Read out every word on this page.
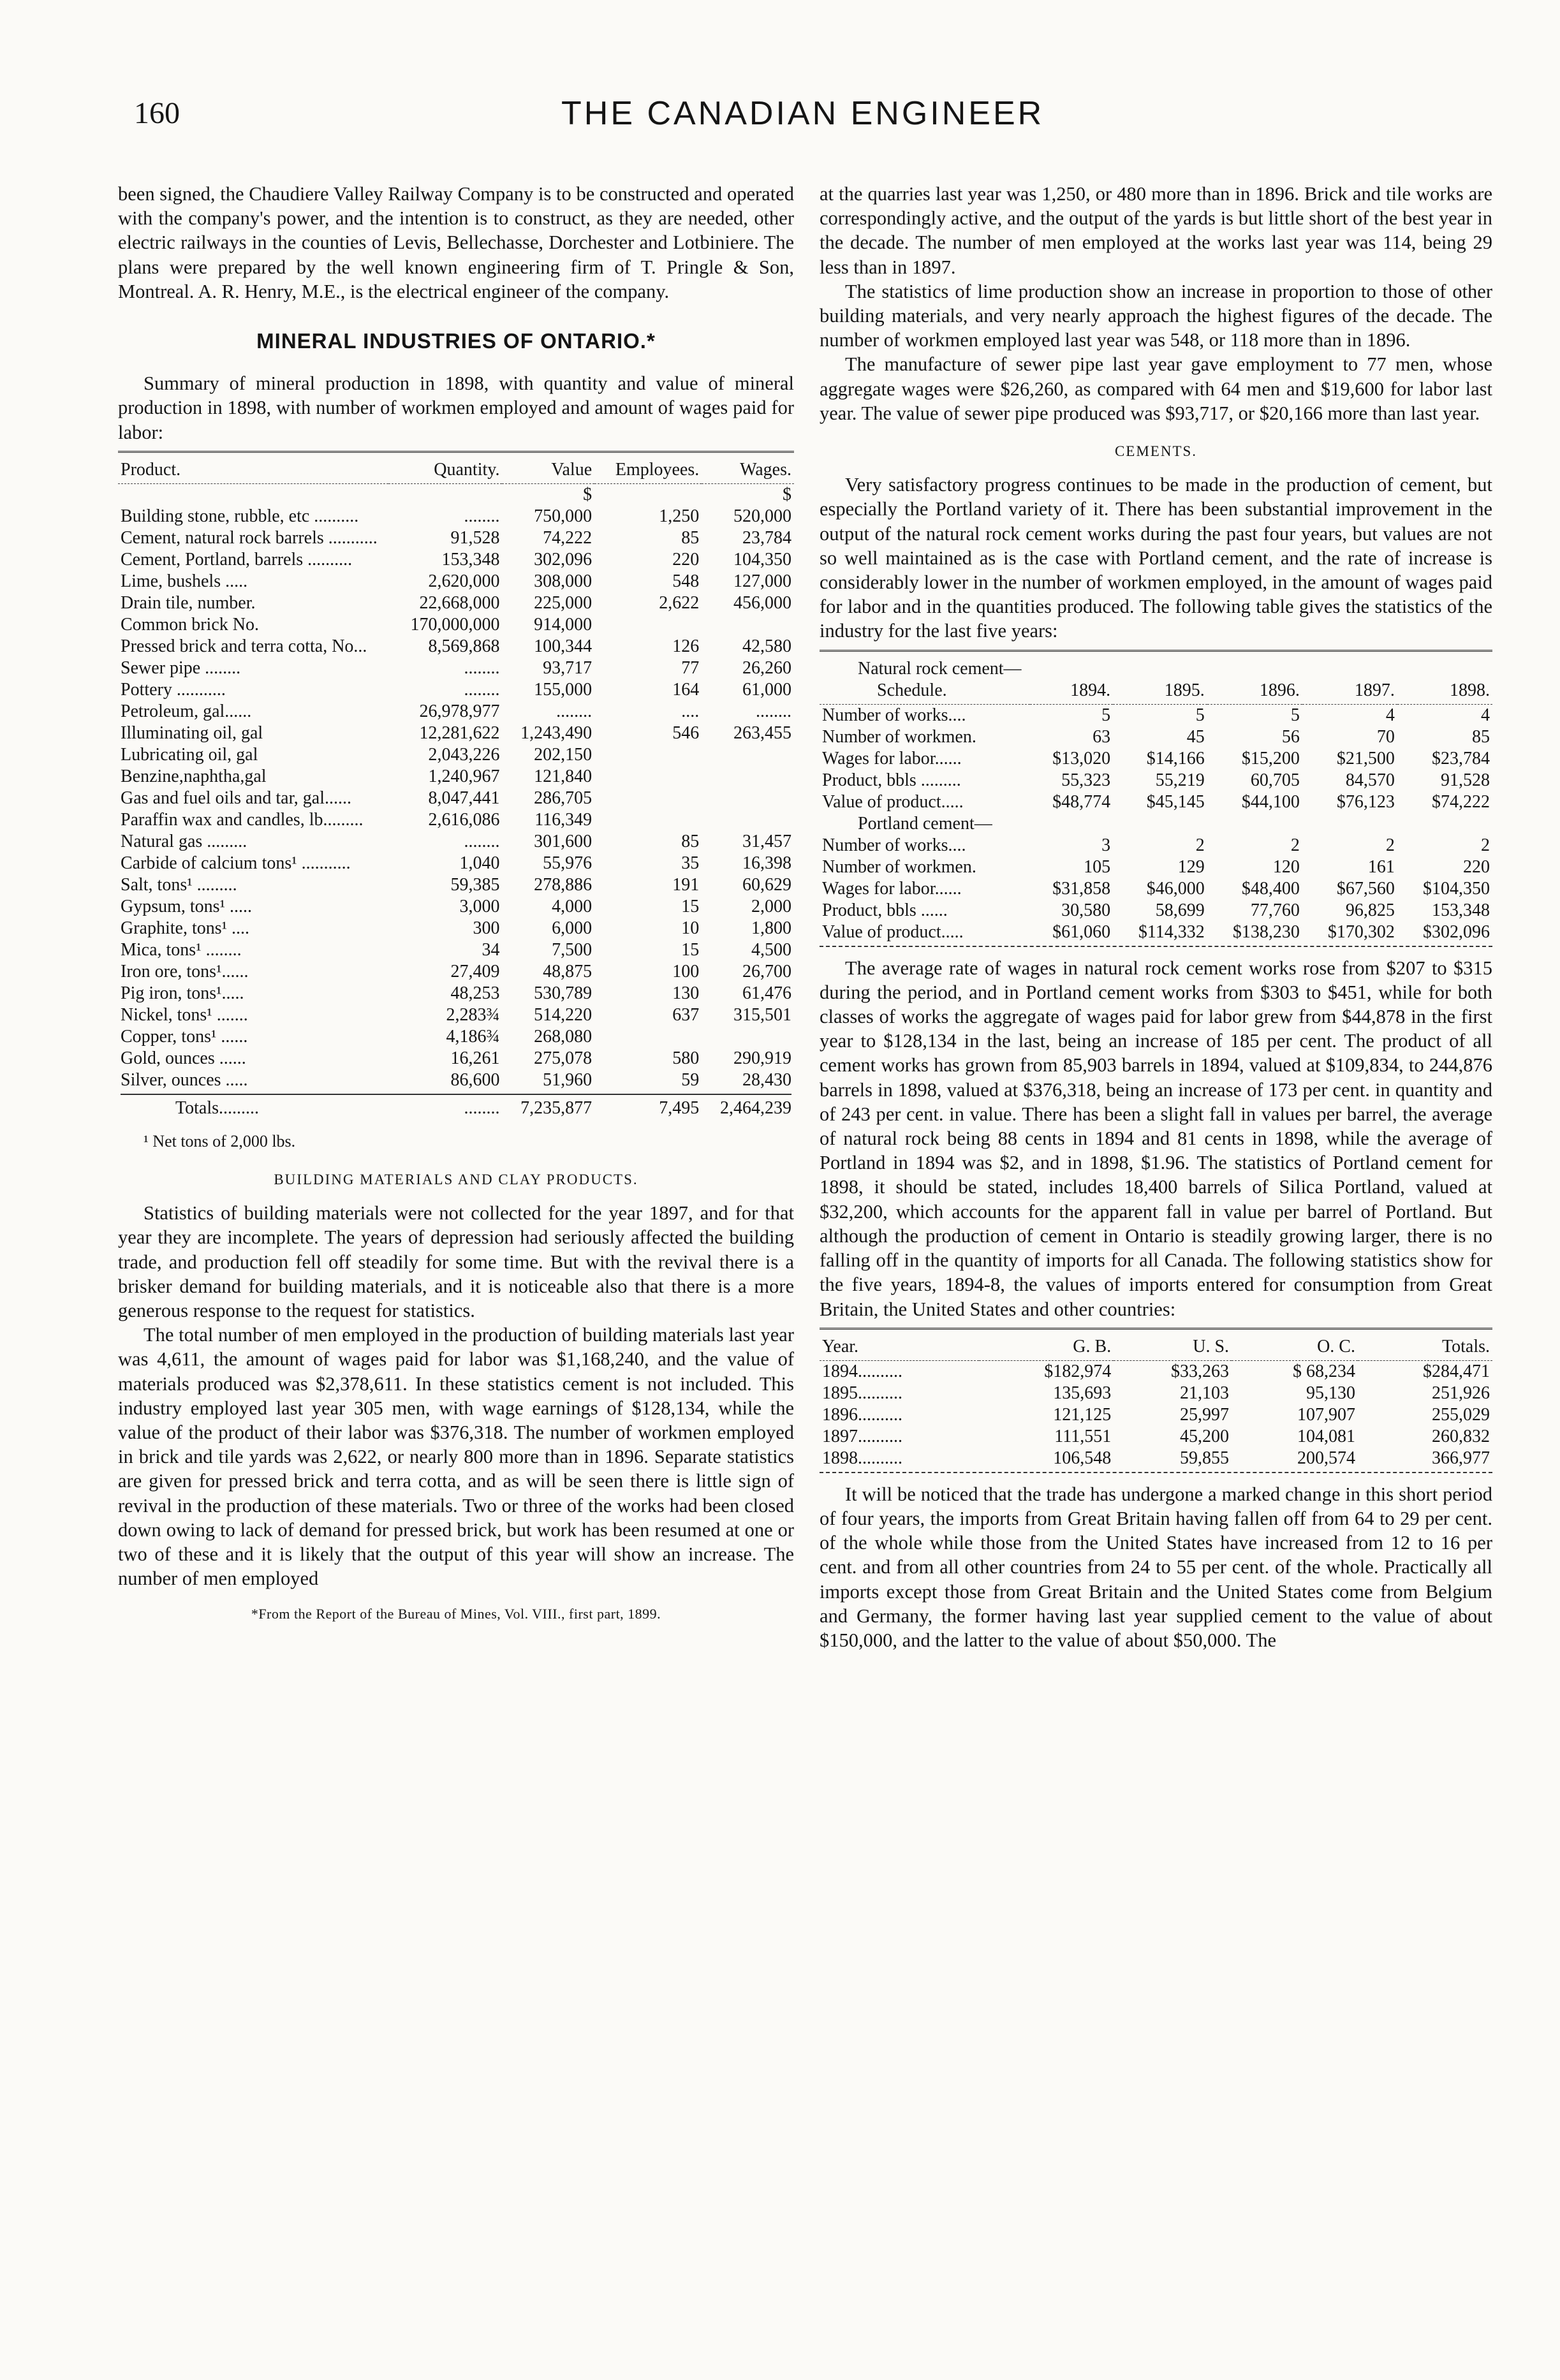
160	THE CANADIAN ENGINEER

been signed, the Chaudiere Valley Railway Company is to be constructed and operated with the company's power, and the intention is to construct, as they are needed, other electric railways in the counties of Levis, Bellechasse, Dorchester and Lotbiniere. The plans were prepared by the well known engineering firm of T. Pringle & Son, Montreal. A. R. Henry, M.E., is the electrical engineer of the company.

MINERAL INDUSTRIES OF ONTARIO.*

Summary of mineral production in 1898, with quantity and value of mineral production in 1898, with number of workmen employed and amount of wages paid for labor:

Product.	Quantity.	Value	Employees.	Wages.
		$		$
Building stone, rubble, etc ..........	........	750,000	1,250	520,000
Cement, natural rock barrels ...........	91,528	74,222	85	23,784
Cement, Portland, barrels ..........	153,348	302,096	220	104,350
Lime, bushels .....	2,620,000	308,000	548	127,000
Drain tile, number.	22,668,000	225,000	2,622	456,000
Common brick No.	170,000,000	914,000		
Pressed brick and terra cotta, No...	8,569,868	100,344	126	42,580
Sewer pipe ........	........	93,717	77	26,260
Pottery ...........	........	155,000	164	61,000
Petroleum, gal......	26,978,977	........	....	........
Illuminating oil, gal	12,281,622	1,243,490	546	263,455
Lubricating oil, gal	2,043,226	202,150		
Benzine,naphtha,gal	1,240,967	121,840		
Gas and fuel oils and tar, gal......	8,047,441	286,705		
Paraffin wax and candles, lb.........	2,616,086	116,349		
Natural gas .........	........	301,600	85	31,457
Carbide of calcium tons¹ ...........	1,040	55,976	35	16,398
Salt, tons¹ .........	59,385	278,886	191	60,629
Gypsum, tons¹ .....	3,000	4,000	15	2,000
Graphite, tons¹ ....	300	6,000	10	1,800
Mica, tons¹ ........	34	7,500	15	4,500
Iron ore, tons¹......	27,409	48,875	100	26,700
Pig iron, tons¹.....	48,253	530,789	130	61,476
Nickel, tons¹ .......	2,283¾	514,220	637	315,501
Copper, tons¹ ......	4,186¾	268,080		
Gold, ounces ......	16,261	275,078	580	290,919
Silver, ounces .....	86,600	51,960	59	28,430

Totals.........	........	7,235,877	7,495	2,464,239
¹ Net tons of 2,000 lbs.
BUILDING MATERIALS AND CLAY PRODUCTS.

Statistics of building materials were not collected for the year 1897, and for that year they are incomplete. The years of depression had seriously affected the building trade, and production fell off steadily for some time. But with the revival there is a brisker demand for building materials, and it is noticeable also that there is a more generous response to the request for statistics.

The total number of men employed in the production of building materials last year was 4,611, the amount of wages paid for labor was $1,168,240, and the value of materials produced was $2,378,611. In these statistics cement is not included. This industry employed last year 305 men, with wage earnings of $128,134, while the value of the product of their labor was $376,318. The number of workmen employed in brick and tile yards was 2,622, or nearly 800 more than in 1896. Separate statistics are given for pressed brick and terra cotta, and as will be seen there is little sign of revival in the production of these materials. Two or three of the works had been closed down owing to lack of demand for pressed brick, but work has been resumed at one or two of these and it is likely that the output of this year will show an increase. The number of men employed

*From the Report of the Bureau of Mines, Vol. VIII., first part, 1899.

at the quarries last year was 1,250, or 480 more than in 1896. Brick and tile works are correspondingly active, and the output of the yards is but little short of the best year in the decade. The number of men employed at the works last year was 114, being 29 less than in 1897.

The statistics of lime production show an increase in proportion to those of other building materials, and very nearly approach the highest figures of the decade. The number of workmen employed last year was 548, or 118 more than in 1896.

The manufacture of sewer pipe last year gave employment to 77 men, whose aggregate wages were $26,260, as compared with 64 men and $19,600 for labor last year. The value of sewer pipe produced was $93,717, or $20,166 more than last year.

CEMENTS.

Very satisfactory progress continues to be made in the production of cement, but especially the Portland variety of it. There has been substantial improvement in the output of the natural rock cement works during the past four years, but values are not so well maintained as is the case with Portland cement, and the rate of increase is considerably lower in the number of workmen employed, in the amount of wages paid for labor and in the quantities produced. The following table gives the statistics of the industry for the last five years:

Natural rock cement—					
Schedule.	1894.	1895.	1896.	1897.	1898.
Number of works....	5	5	5	4	4
Number of workmen.	63	45	56	70	85
Wages for labor......	$13,020	$14,166	$15,200	$21,500	$23,784
Product, bbls .........	55,323	55,219	60,705	84,570	91,528
Value of product.....	$48,774	$45,145	$44,100	$76,123	$74,222
Portland cement—					
Number of works....	3	2	2	2	2
Number of workmen.	105	129	120	161	220
Wages for labor......	$31,858	$46,000	$48,400	$67,560	$104,350
Product, bbls ......	30,580	58,699	77,760	96,825	153,348
Value of product.....	$61,060	$114,332	$138,230	$170,302	$302,096

The average rate of wages in natural rock cement works rose from $207 to $315 during the period, and in Portland cement works from $303 to $451, while for both classes of works the aggregate of wages paid for labor grew from $44,878 in the first year to $128,134 in the last, being an increase of 185 per cent. The product of all cement works has grown from 85,903 barrels in 1894, valued at $109,834, to 244,876 barrels in 1898, valued at $376,318, being an increase of 173 per cent. in quantity and of 243 per cent. in value. There has been a slight fall in values per barrel, the average of natural rock being 88 cents in 1894 and 81 cents in 1898, while the average of Portland in 1894 was $2, and in 1898, $1.96. The statistics of Portland cement for 1898, it should be stated, includes 18,400 barrels of Silica Portland, valued at $32,200, which accounts for the apparent fall in value per barrel of Portland. But although the production of cement in Ontario is steadily growing larger, there is no falling off in the quantity of imports for all Canada. The following statistics show for the five years, 1894-8, the values of imports entered for consumption from Great Britain, the United States and other countries:

Year.	G. B.	U. S.	O. C.	Totals.
1894..........	$182,974	$33,263	$ 68,234	$284,471
1895..........	135,693	21,103	95,130	251,926
1896..........	121,125	25,997	107,907	255,029
1897..........	111,551	45,200	104,081	260,832
1898..........	106,548	59,855	200,574	366,977

It will be noticed that the trade has undergone a marked change in this short period of four years, the imports from Great Britain having fallen off from 64 to 29 per cent. of the whole while those from the United States have increased from 12 to 16 per cent. and from all other countries from 24 to 55 per cent. of the whole. Practically all imports except those from Great Britain and the United States come from Belgium and Germany, the former having last year supplied cement to the value of about $150,000, and the latter to the value of about $50,000. The
